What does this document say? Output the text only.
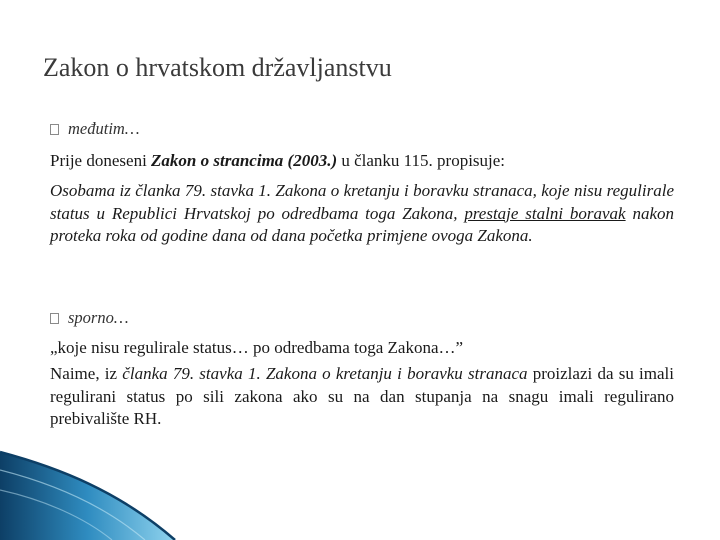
Zakon o hrvatskom državljanstvu
međutim…

Prije doneseni Zakon o strancima (2003.) u članku 115. propisuje:

Osobama iz članka 79. stavka 1. Zakona o kretanju i boravku stranaca, koje nisu regulirale status u Republici Hrvatskoj po odredbama toga Zakona, prestaje stalni boravak nakon proteka roka od godine dana od dana početka primjene ovoga Zakona.

sporno…

„koje nisu regulirale status… po odredbama toga Zakona…”

Naime, iz članka 79. stavka 1. Zakona o kretanju i boravku stranaca proizlazi da su imali regulirani status po sili zakona ako su na dan stupanja na snagu imali regulirano prebivalište RH.
